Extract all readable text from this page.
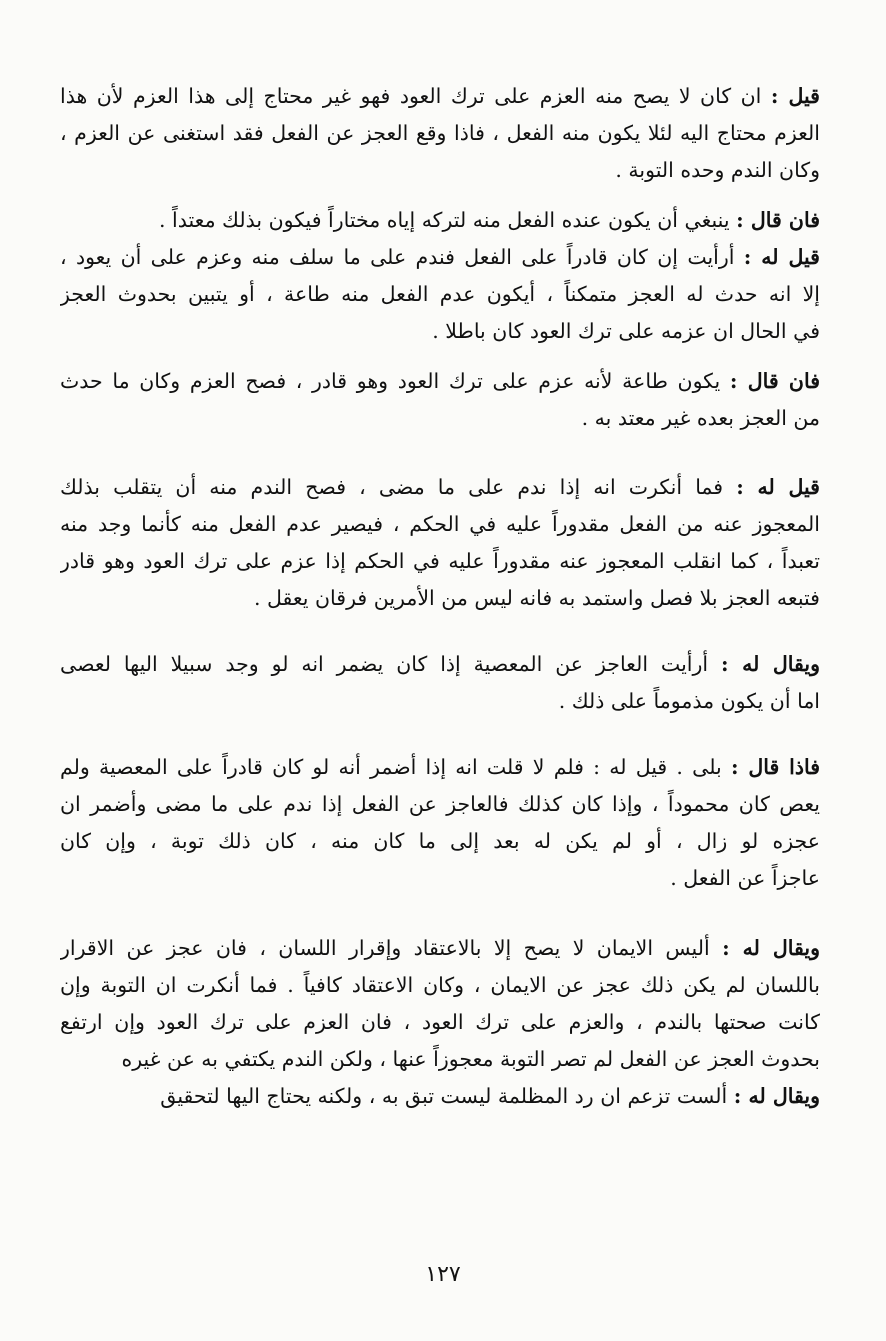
قيل : ان كان لا يصح منه العزم على ترك العود فهو غير محتاج إلى هذا العزم لأن هذا
العزم محتاج اليه لئلا يكون منه الفعل ، فاذا وقع العجز عن الفعل فقد استغنى عن العزم ،
وكان الندم وحده التوبة .
فان قال : ينبغي أن يكون عنده الفعل منه لتركه إياه مختاراً فيكون بذلك معتداً .
قيل له : أرأيت إن كان قادراً على الفعل فندم على ما سلف منه وعزم على أن يعود ،
إلا انه حدث له العجز متمكناً ، أيكون عدم الفعل منه طاعة ، أو يتبين بحدوث العجز
في الحال ان عزمه على ترك العود كان باطلا .
فان قال : يكون طاعة لأنه عزم على ترك العود وهو قادر ، فصح العزم وكان ما حدث
من العجز بعده غير معتد به .
قيل له : فما أنكرت انه إذا ندم على ما مضى ، فصح الندم منه أن يتقلب بذلك
المعجوز عنه من الفعل مقدوراً عليه في الحكم ، فيصير عدم الفعل منه كأنما وجد منه
تعبداً ، كما انقلب المعجوز عنه مقدوراً عليه في الحكم إذا عزم على ترك العود وهو قادر
فتبعه العجز بلا فصل واستمد به فانه ليس من الأمرين فرقان يعقل .
ويقال له : أرأيت العاجز عن المعصية إذا كان يضمر انه لو وجد سبيلا اليها لعصى
اما أن يكون مذموماً على ذلك .
فاذا قال : بلى . قيل له : فلم لا قلت انه إذا أضمر أنه لو كان قادراً على المعصية ولم
يعص كان محموداً ، وإذا كان كذلك فالعاجز عن الفعل إذا ندم على ما مضى وأضمر ان
عجزه لو زال ، أو لم يكن له بعد إلى ما كان منه ، كان ذلك توبة ، وإن كان
عاجزاً عن الفعل .
ويقال له : أليس الايمان لا يصح إلا بالاعتقاد وإقرار اللسان ، فان عجز عن الاقرار
باللسان لم يكن ذلك عجز عن الايمان ، وكان الاعتقاد كافياً . فما أنكرت ان التوبة وإن
كانت صحتها بالندم ، والعزم على ترك العود ، فان العزم على ترك العود وإن ارتفع
بحدوث العجز عن الفعل لم تصر التوبة معجوزاً عنها ، ولكن الندم يكتفي به عن غيره
ويقال له : ألست تزعم ان رد المظلمة ليست تبق به ، ولكنه يحتاج اليها لتحقيق
١٢٧
